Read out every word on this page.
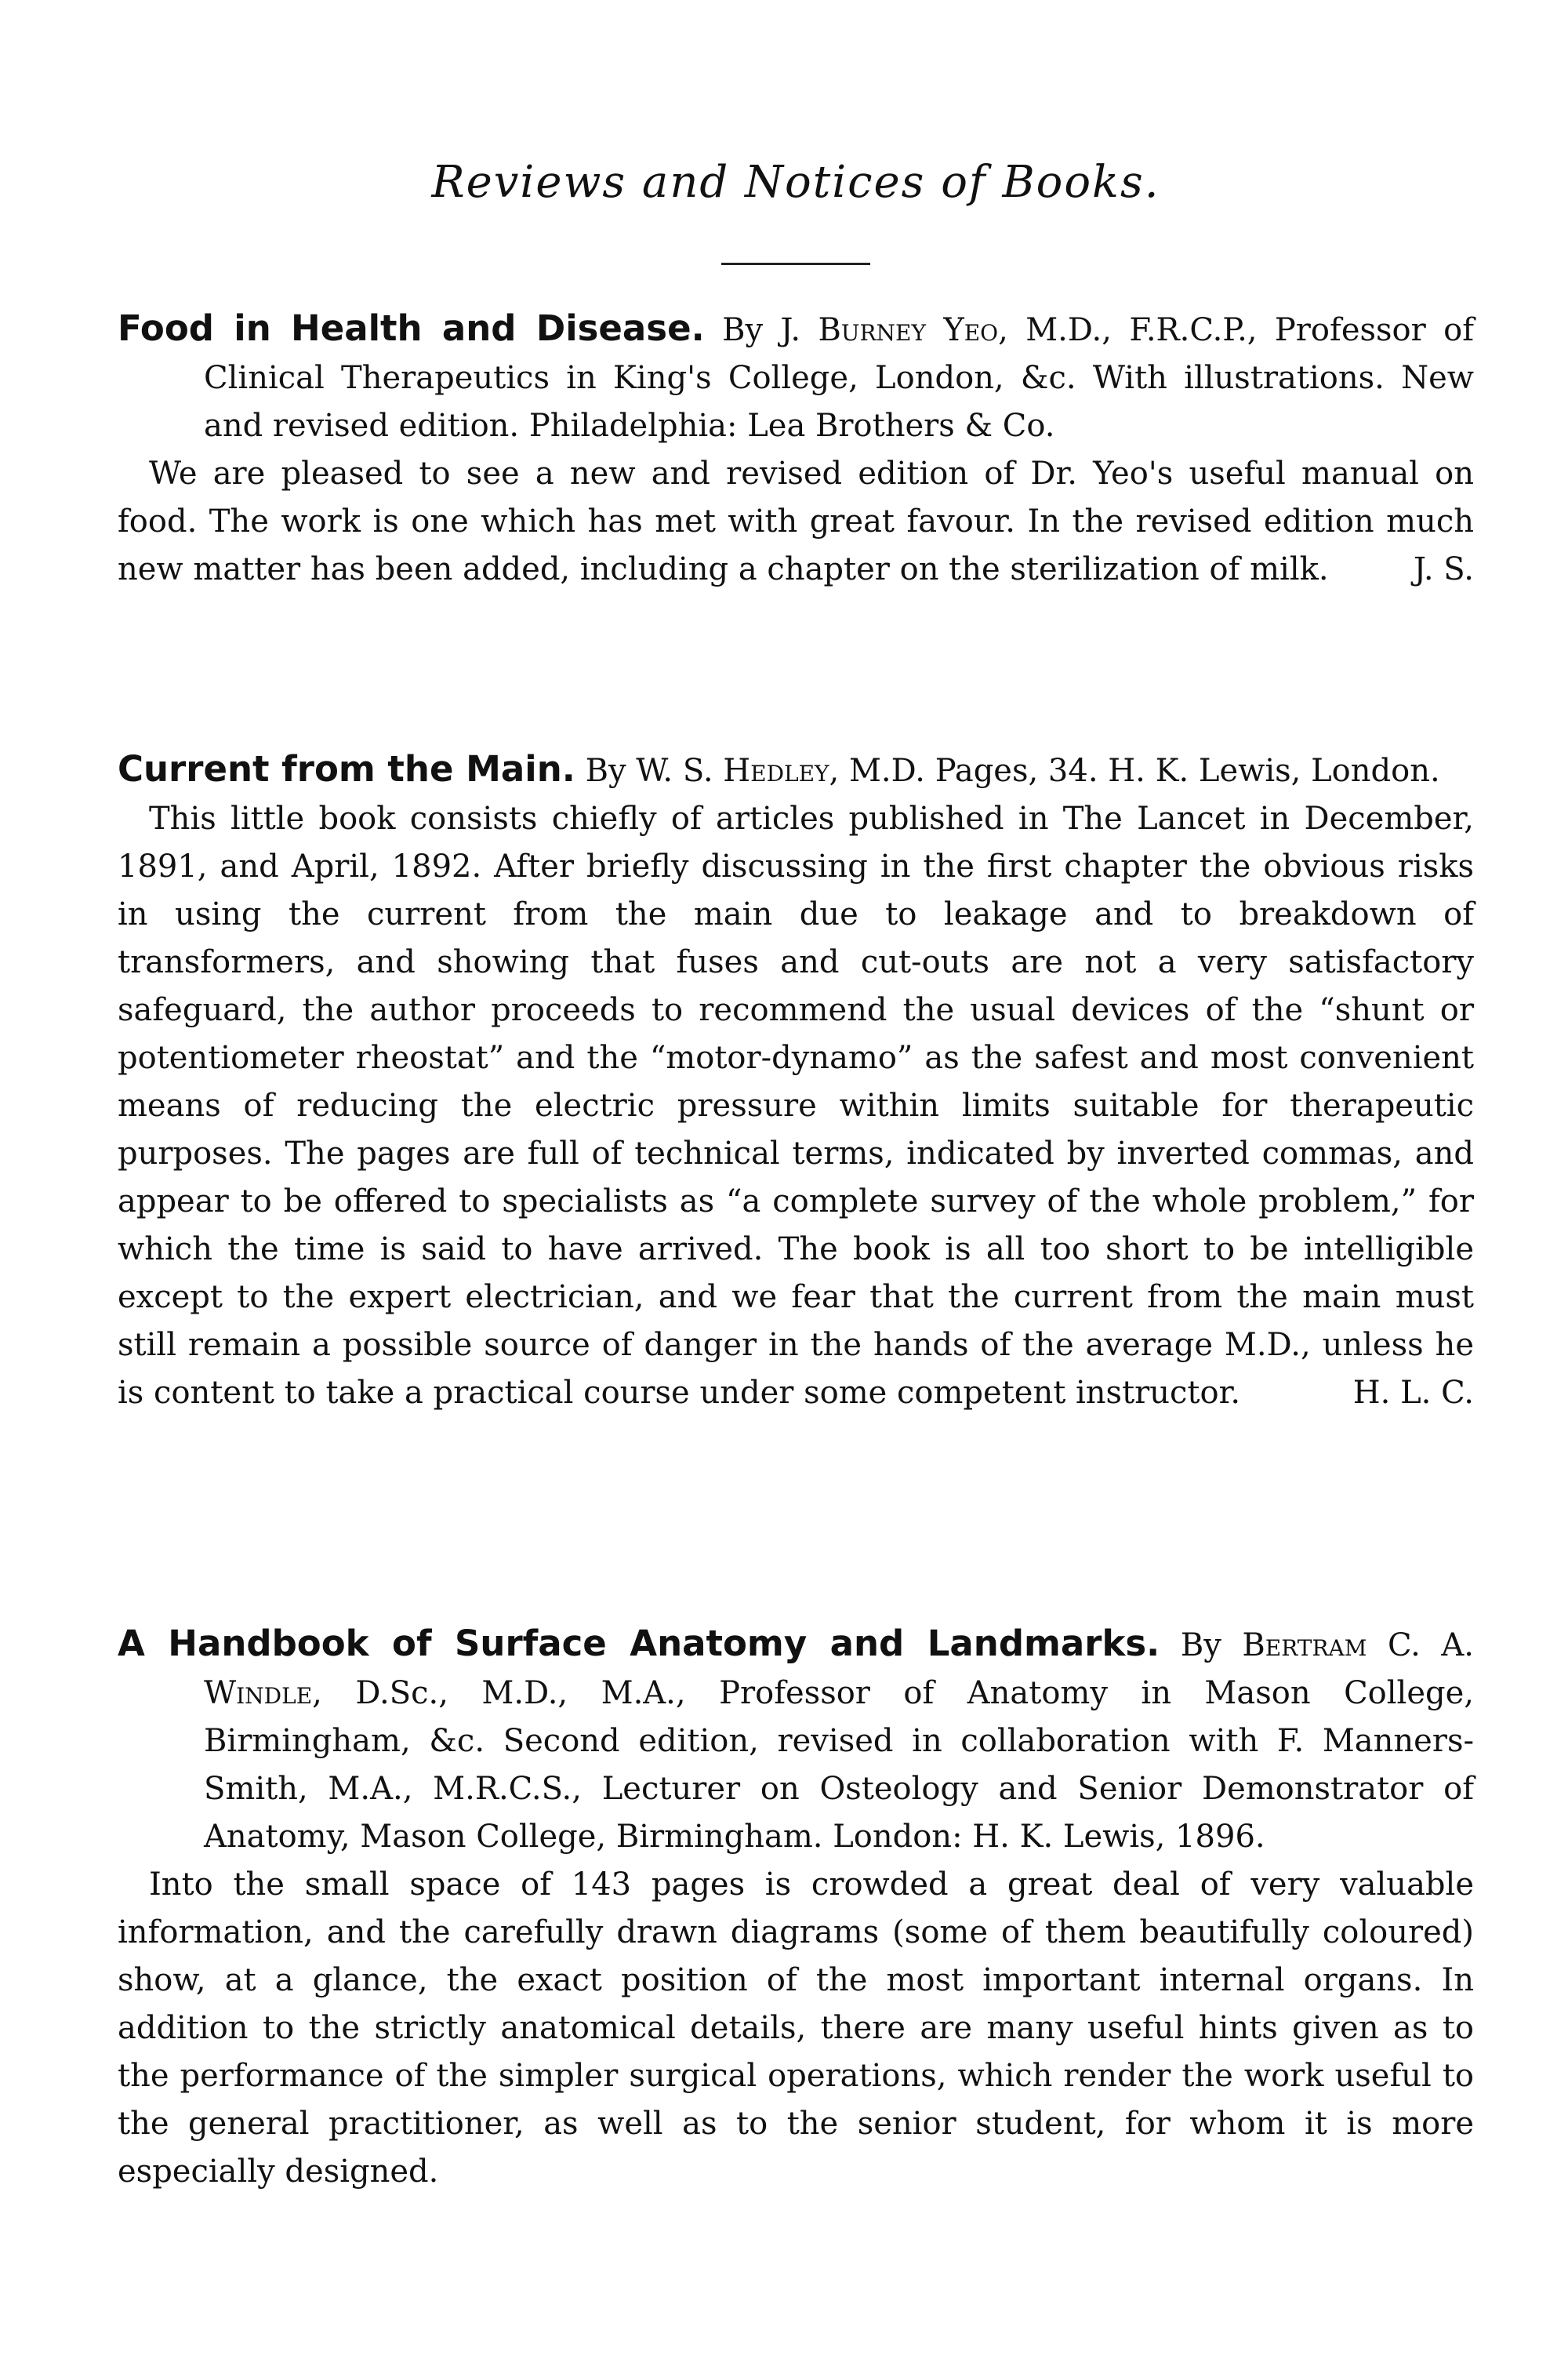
Reviews and Notices of Books.

Food in Health and Disease. By J. Burney Yeo, M.D., F.R.C.P., Professor of Clinical Therapeutics in King's College, London, &c. With illustrations. New and revised edition. Philadelphia: Lea Brothers & Co.

We are pleased to see a new and revised edition of Dr. Yeo's useful manual on food. The work is one which has met with great favour. In the revised edition much new matter has been added, including a chapter on the sterilization of milk.	J. S.

Current from the Main. By W. S. Hedley, M.D. Pages, 34. H. K. Lewis, London.

This little book consists chiefly of articles published in The Lancet in December, 1891, and April, 1892. After briefly discussing in the first chapter the obvious risks in using the current from the main due to leakage and to breakdown of transformers, and showing that fuses and cut-outs are not a very satisfactory safeguard, the author proceeds to recommend the usual devices of the “shunt or potentiometer rheostat” and the “motor-dynamo” as the safest and most convenient means of reducing the electric pressure within limits suitable for therapeutic purposes. The pages are full of technical terms, indicated by inverted commas, and appear to be offered to specialists as “a complete survey of the whole problem,” for which the time is said to have arrived. The book is all too short to be intelligible except to the expert electrician, and we fear that the current from the main must still remain a possible source of danger in the hands of the average M.D., unless he is content to take a practical course under some competent instructor.	H. L. C.

A Handbook of Surface Anatomy and Landmarks. By Bertram C. A. Windle, D.Sc., M.D., M.A., Professor of Anatomy in Mason College, Birmingham, &c. Second edition, revised in collaboration with F. Manners-Smith, M.A., M.R.C.S., Lecturer on Osteology and Senior Demonstrator of Anatomy, Mason College, Birmingham. London: H. K. Lewis, 1896.

Into the small space of 143 pages is crowded a great deal of very valuable information, and the carefully drawn diagrams (some of them beautifully coloured) show, at a glance, the exact position of the most important internal organs. In addition to the strictly anatomical details, there are many useful hints given as to the performance of the simpler surgical operations, which render the work useful to the general practitioner, as well as to the senior student, for whom it is more especially designed.
